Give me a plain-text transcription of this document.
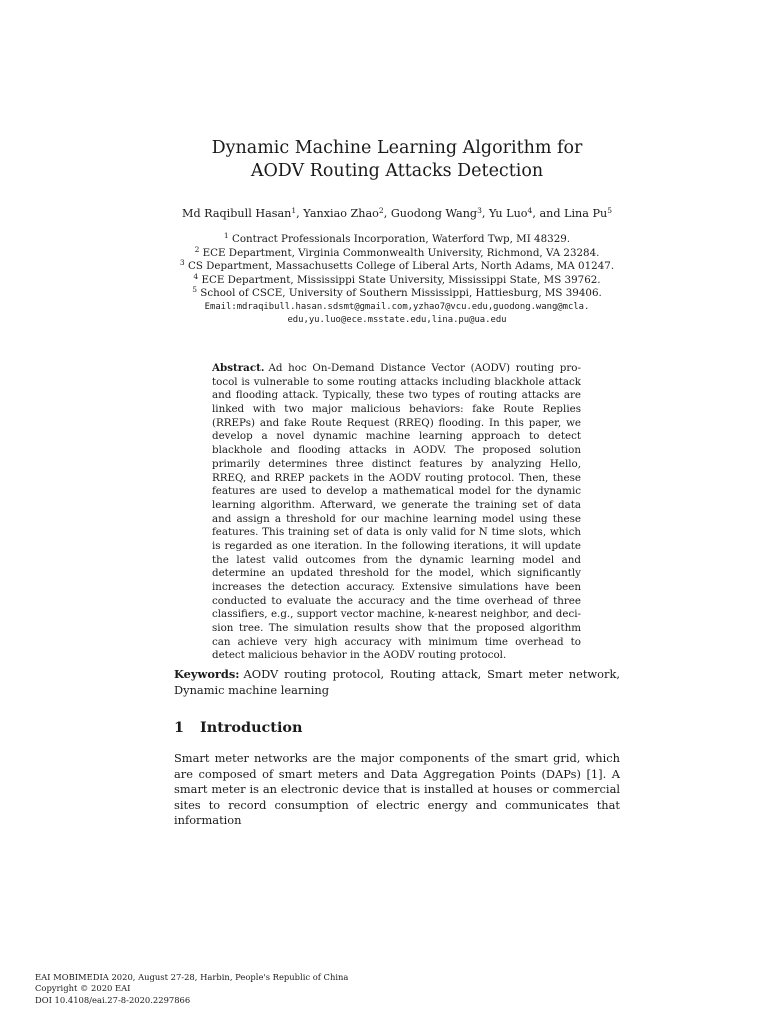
Dynamic Machine Learning Algorithm for
AODV Routing Attacks Detection
Md Raqibull Hasan$^1$, Yanxiao Zhao$^2$, Guodong Wang$^3$, Yu Luo$^4$, and Lina Pu$^5$
$^1$ Contract Professionals Incorporation, Waterford Twp, MI 48329.
$^2$ ECE Department, Virginia Commonwealth University, Richmond, VA 23284.
$^3$ CS Department, Massachusetts College of Liberal Arts, North Adams, MA 01247.
$^4$ ECE Department, Mississippi State University, Mississippi State, MS 39762.
$^5$ School of CSCE, University of Southern Mississippi, Hattiesburg, MS 39406.
Email:mdraqibull.hasan.sdsmt@gmail.com,yzhao7@vcu.edu,guodong.wang@mcla.
edu,yu.luo@ece.msstate.edu,lina.pu@ua.edu
Abstract. Ad hoc On-Demand Distance Vector (AODV) routing protocol is vulnerable to some routing attacks including blackhole attack and flooding attack. Typically, these two types of routing attacks are linked with two major malicious behaviors: fake Route Replies (RREPs) and fake Route Request (RREQ) flooding. In this paper, we develop a novel dynamic machine learning approach to detect blackhole and flooding attacks in AODV. The proposed solution primarily determines three distinct features by analyzing Hello, RREQ, and RREP packets in the AODV routing protocol. Then, these features are used to develop a mathematical model for the dynamic learning algorithm. Afterward, we generate the training set of data and assign a threshold for our machine learning model using these features. This training set of data is only valid for N time slots, which is regarded as one iteration. In the following iterations, it will update the latest valid outcomes from the dynamic learning model and determine an updated threshold for the model, which significantly increases the detection accuracy. Extensive simulations have been conducted to evaluate the accuracy and the time overhead of three classifiers, e.g., support vector machine, k-nearest neighbor, and decision tree. The simulation results show that the proposed algorithm can achieve very high accuracy with minimum time overhead to detect malicious behavior in the AODV routing protocol.
Keywords: AODV routing protocol, Routing attack, Smart meter network, Dynamic machine learning
1 Introduction
Smart meter networks are the major components of the smart grid, which are composed of smart meters and Data Aggregation Points (DAPs) [1]. A smart meter is an electronic device that is installed at houses or commercial sites to record consumption of electric energy and communicates that information
EAI MOBIMEDIA 2020, August 27-28, Harbin, People's Republic of China
Copyright © 2020 EAI
DOI 10.4108/eai.27-8-2020.2297866
